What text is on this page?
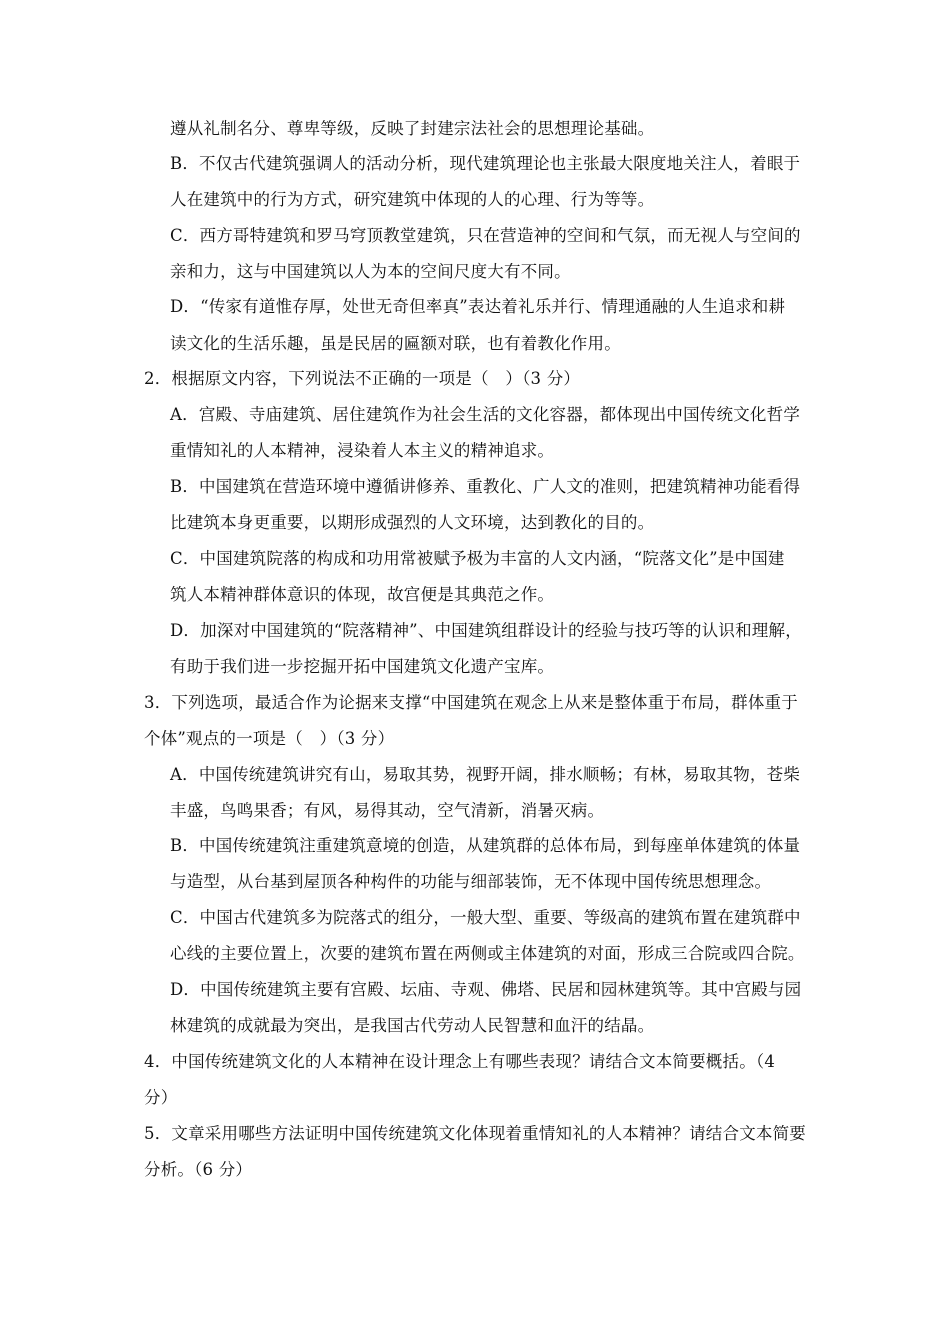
遵从礼制名分、尊卑等级，反映了封建宗法社会的思想理论基础。
B．不仅古代建筑强调人的活动分析，现代建筑理论也主张最大限度地关注人，着眼于
人在建筑中的行为方式，研究建筑中体现的人的心理、行为等等。
C．西方哥特建筑和罗马穹顶教堂建筑，只在营造神的空间和气氛，而无视人与空间的
亲和力，这与中国建筑以人为本的空间尺度大有不同。
D．“传家有道惟存厚，处世无奇但率真”表达着礼乐并行、情理通融的人生追求和耕
读文化的生活乐趣，虽是民居的匾额对联，也有着教化作用。
2．根据原文内容，下列说法不正确的一项是（　）（3 分）
A．宫殿、寺庙建筑、居住建筑作为社会生活的文化容器，都体现出中国传统文化哲学
重情知礼的人本精神，浸染着人本主义的精神追求。
B．中国建筑在营造环境中遵循讲修养、重教化、广人文的准则，把建筑精神功能看得
比建筑本身更重要，以期形成强烈的人文环境，达到教化的目的。
C．中国建筑院落的构成和功用常被赋予极为丰富的人文内涵，“院落文化”是中国建
筑人本精神群体意识的体现，故宫便是其典范之作。
D．加深对中国建筑的“院落精神”、中国建筑组群设计的经验与技巧等的认识和理解，
有助于我们进一步挖掘开拓中国建筑文化遗产宝库。
3．下列选项，最适合作为论据来支撑“中国建筑在观念上从来是整体重于布局，群体重于
个体”观点的一项是（　）（3 分）
A．中国传统建筑讲究有山，易取其势，视野开阔，排水顺畅；有林，易取其物，苍柴
丰盛，鸟鸣果香；有风，易得其动，空气清新，消暑灭病。
B．中国传统建筑注重建筑意境的创造，从建筑群的总体布局，到每座单体建筑的体量
与造型，从台基到屋顶各种构件的功能与细部装饰，无不体现中国传统思想理念。
C．中国古代建筑多为院落式的组分，一般大型、重要、等级高的建筑布置在建筑群中
心线的主要位置上，次要的建筑布置在两侧或主体建筑的对面，形成三合院或四合院。
D．中国传统建筑主要有宫殿、坛庙、寺观、佛塔、民居和园林建筑等。其中宫殿与园
林建筑的成就最为突出，是我国古代劳动人民智慧和血汗的结晶。
4．中国传统建筑文化的人本精神在设计理念上有哪些表现？请结合文本简要概括。（4
分）
5．文章采用哪些方法证明中国传统建筑文化体现着重情知礼的人本精神？请结合文本简要
分析。（6 分）
